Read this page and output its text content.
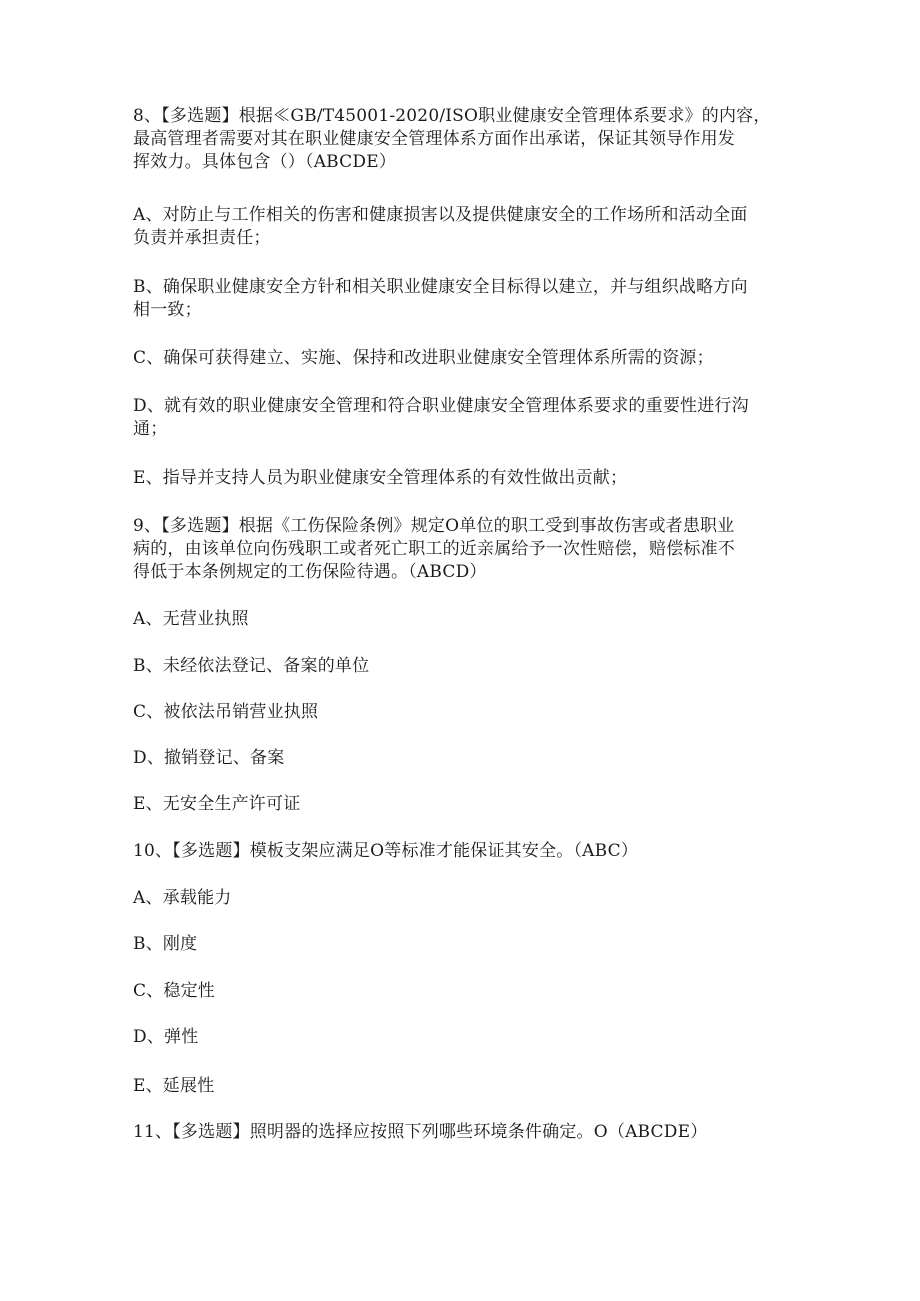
8、【多选题】根据≪GB/T45001-2020/ISO职业健康安全管理体系要求》的内容，
最高管理者需要对其在职业健康安全管理体系方面作出承诺，保证其领导作用发
挥效力。具体包含（）（ABCDE）
A、对防止与工作相关的伤害和健康损害以及提供健康安全的工作场所和活动全面
负责并承担责任；
B、确保职业健康安全方针和相关职业健康安全目标得以建立，并与组织战略方向
相一致；
C、确保可获得建立、实施、保持和改进职业健康安全管理体系所需的资源；
D、就有效的职业健康安全管理和符合职业健康安全管理体系要求的重要性进行沟
通；
E、指导并支持人员为职业健康安全管理体系的有效性做出贡献；
9、【多选题】根据《工伤保险条例》规定O单位的职工受到事故伤害或者患职业
病的，由该单位向伤残职工或者死亡职工的近亲属给予一次性赔偿，赔偿标准不
得低于本条例规定的工伤保险待遇。（ABCD）
A、无营业执照
B、未经依法登记、备案的单位
C、被依法吊销营业执照
D、撤销登记、备案
E、无安全生产许可证
10、【多选题】模板支架应满足O等标准才能保证其安全。（ABC）
A、承载能力
B、刚度
C、稳定性
D、弹性
E、延展性
11、【多选题】照明器的选择应按照下列哪些环境条件确定。O（ABCDE）
